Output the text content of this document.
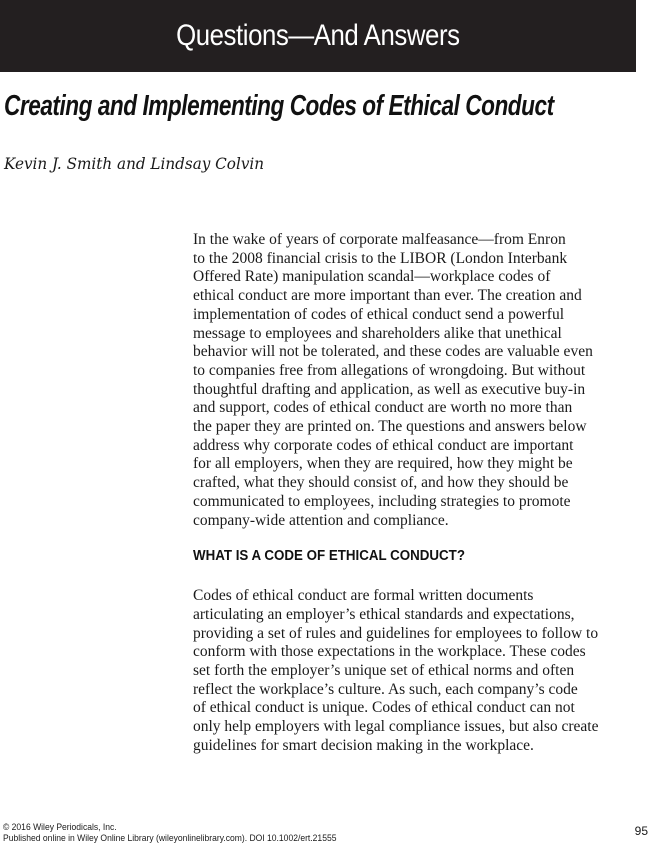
Questions—And Answers
Creating and Implementing Codes of Ethical Conduct

Kevin J. Smith and Lindsay Colvin

In the wake of years of corporate malfeasance—from Enron
to the 2008 financial crisis to the LIBOR (London Interbank
Offered Rate) manipulation scandal—workplace codes of
ethical conduct are more important than ever. The creation and
implementation of codes of ethical conduct send a powerful
message to employees and shareholders alike that unethical
behavior will not be tolerated, and these codes are valuable even
to companies free from allegations of wrongdoing. But without
thoughtful drafting and application, as well as executive buy-in
and support, codes of ethical conduct are worth no more than
the paper they are printed on. The questions and answers below
address why corporate codes of ethical conduct are important
for all employers, when they are required, how they might be
crafted, what they should consist of, and how they should be
communicated to employees, including strategies to promote
company-wide attention and compliance.

WHAT IS A CODE OF ETHICAL CONDUCT?

Codes of ethical conduct are formal written documents
articulating an employer’s ethical standards and expectations,
providing a set of rules and guidelines for employees to follow to
conform with those expectations in the workplace. These codes
set forth the employer’s unique set of ethical norms and often
reflect the workplace’s culture. As such, each company’s code
of ethical conduct is unique. Codes of ethical conduct can not
only help employers with legal compliance issues, but also create
guidelines for smart decision making in the workplace.

© 2016 Wiley Periodicals, Inc.
Published online in Wiley Online Library (wileyonlinelibrary.com). DOI 10.1002/ert.21555
95
